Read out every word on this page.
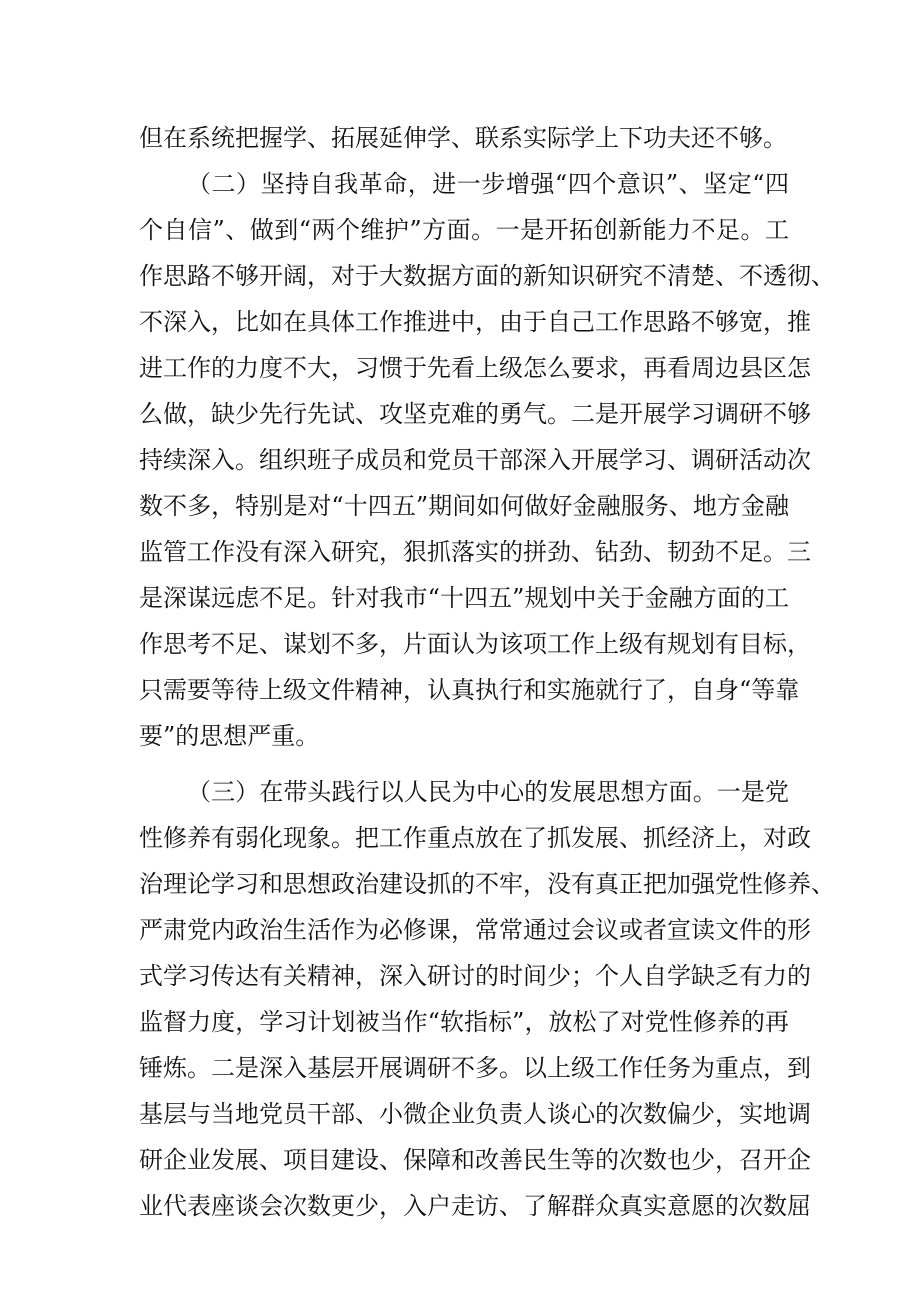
但在系统把握学、拓展延伸学、联系实际学上下功夫还不够。
（二）坚持自我革命，进一步增强“四个意识”、坚定“四
个自信”、做到“两个维护”方面。一是开拓创新能力不足。工
作思路不够开阔，对于大数据方面的新知识研究不清楚、不透彻、
不深入，比如在具体工作推进中，由于自己工作思路不够宽，推
进工作的力度不大，习惯于先看上级怎么要求，再看周边县区怎
么做，缺少先行先试、攻坚克难的勇气。二是开展学习调研不够
持续深入。组织班子成员和党员干部深入开展学习、调研活动次
数不多，特别是对“十四五”期间如何做好金融服务、地方金融
监管工作没有深入研究，狠抓落实的拼劲、钻劲、韧劲不足。三
是深谋远虑不足。针对我市“十四五”规划中关于金融方面的工
作思考不足、谋划不多，片面认为该项工作上级有规划有目标，
只需要等待上级文件精神，认真执行和实施就行了，自身“等靠
要”的思想严重。
（三）在带头践行以人民为中心的发展思想方面。一是党
性修养有弱化现象。把工作重点放在了抓发展、抓经济上，对政
治理论学习和思想政治建设抓的不牢，没有真正把加强党性修养、
严肃党内政治生活作为必修课，常常通过会议或者宣读文件的形
式学习传达有关精神，深入研讨的时间少；个人自学缺乏有力的
监督力度，学习计划被当作“软指标”，放松了对党性修养的再
锤炼。二是深入基层开展调研不多。以上级工作任务为重点，到
基层与当地党员干部、小微企业负责人谈心的次数偏少，实地调
研企业发展、项目建设、保障和改善民生等的次数也少，召开企
业代表座谈会次数更少，入户走访、了解群众真实意愿的次数屈
